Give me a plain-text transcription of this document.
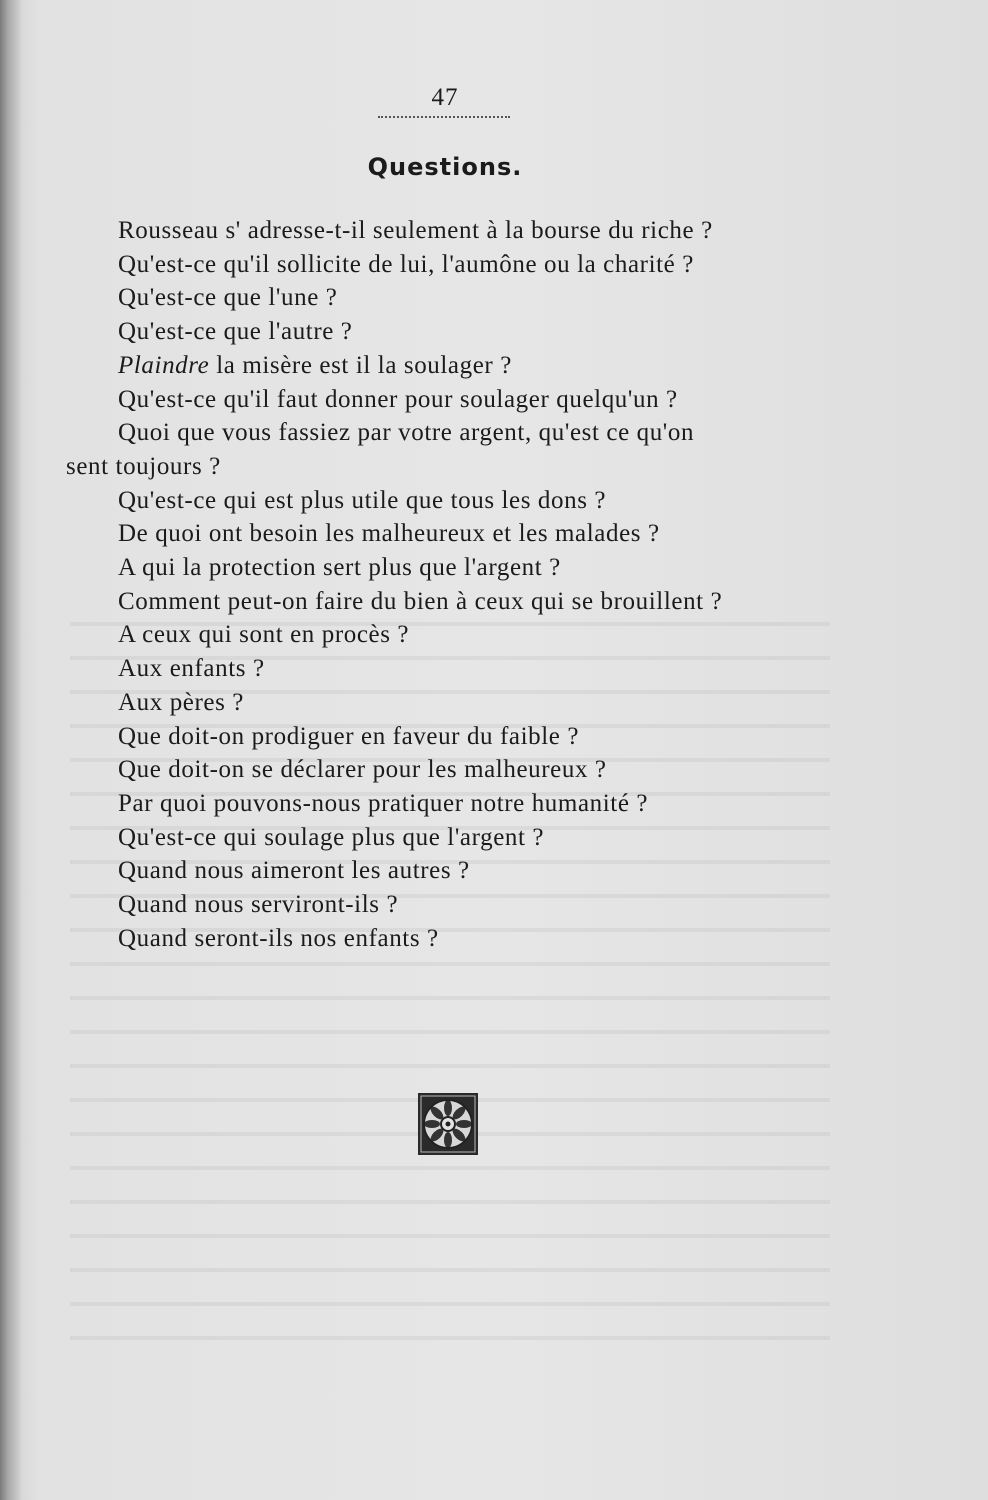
47
Questions.
Rousseau s' adresse-t-il seulement à la bourse du riche ?
Qu'est-ce qu'il sollicite de lui, l'aumône ou la charité ?
Qu'est-ce que l'une ?
Qu'est-ce que l'autre ?
Plaindre la misère est il la soulager ?
Qu'est-ce qu'il faut donner pour soulager quelqu'un ?
Quoi que vous fassiez par votre argent, qu'est ce qu'on
sent toujours ?
Qu'est-ce qui est plus utile que tous les dons ?
De quoi ont besoin les malheureux et les malades ?
A qui la protection sert plus que l'argent ?
Comment peut-on faire du bien à ceux qui se brouillent ?
A ceux qui sont en procès ?
Aux enfants ?
Aux pères ?
Que doit-on prodiguer en faveur du faible ?
Que doit-on se déclarer pour les malheureux ?
Par quoi pouvons-nous pratiquer notre humanité ?
Qu'est-ce qui soulage plus que l'argent ?
Quand nous aimeront les autres ?
Quand nous serviront-ils ?
Quand seront-ils nos enfants ?
